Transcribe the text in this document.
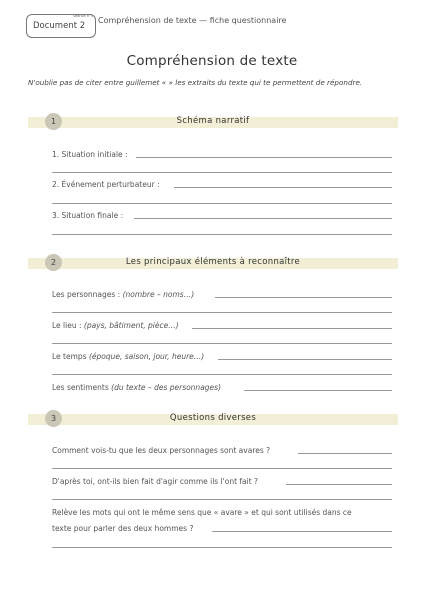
séance n°1
Document 2
Compréhension de texte — fiche questionnaire
Compréhension de texte
N'oublie pas de citer entre guillemet « » les extraits du texte qui te permettent de répondre.
1	Schéma narratif
1. Situation initiale :
2. Événement perturbateur :
3. Situation finale :
2	Les principaux éléments à reconnaître
Les personnages : (nombre – noms…)
Le lieu : (pays, bâtiment, pièce…)
Le temps (époque, saison, jour, heure…)
Les sentiments (du texte – des personnages)
3	Questions diverses
Comment vois-tu que les deux personnages sont avares ?
D'après toi, ont-ils bien fait d'agir comme ils l'ont fait ?
Relève les mots qui ont le même sens que « avare » et qui sont utilisés dans ce
texte pour parler des deux hommes ?
